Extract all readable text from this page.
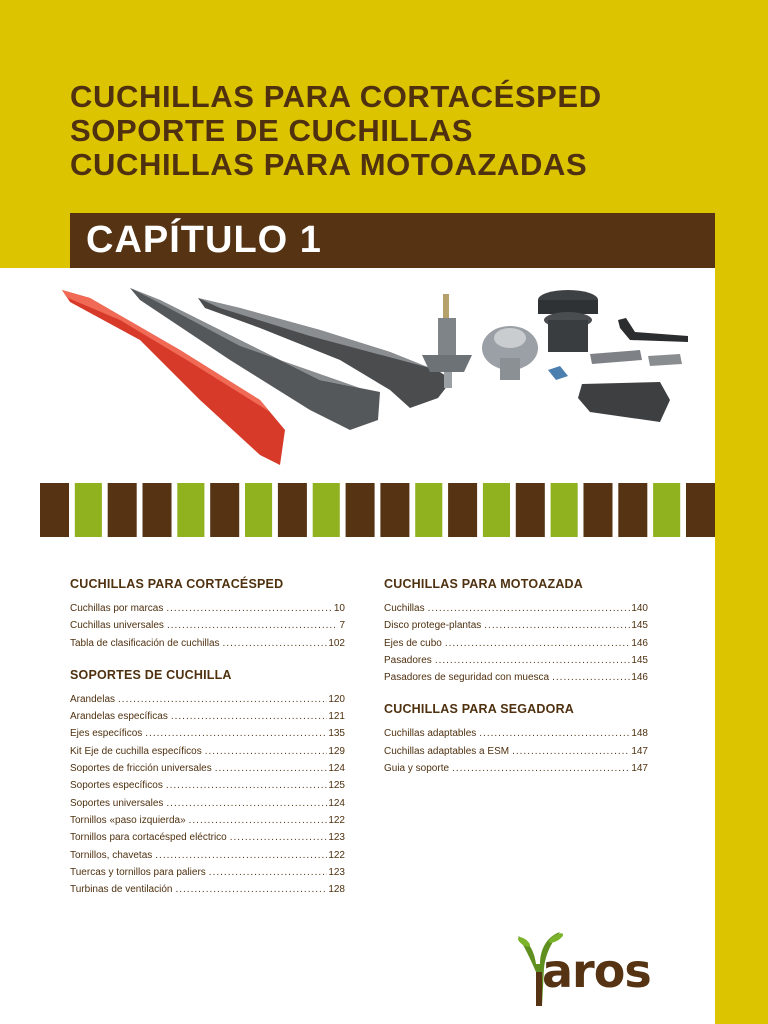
CUCHILLAS PARA CORTACÉSPED
SOPORTE DE CUCHILLAS
CUCHILLAS PARA MOTOAZADAS
CAPÍTULO 1
CUCHILLAS PARA CORTACÉSPED
Cuchillas por marcas .....	10
Cuchillas universales .....	7
Tabla de clasificación de cuchillas .....	102
SOPORTES DE CUCHILLA
Arandelas .....	120
Arandelas específicas .....	121
Ejes específicos .....	135
Kit Eje de cuchilla específicos .....	129
Soportes de fricción universales .....	124
Soportes específicos .....	125
Soportes universales .....	124
Tornillos «paso izquierda» .....	122
Tornillos para cortacésped eléctrico .....	123
Tornillos, chavetas .....	122
Tuercas y tornillos para paliers .....	123
Turbinas de ventilación .....	128
CUCHILLAS PARA MOTOAZADA
Cuchillas .....	140
Disco protege-plantas .....	145
Ejes de cubo .....	146
Pasadores .....	145
Pasadores de seguridad con muesca .....	146
CUCHILLAS PARA SEGADORA
Cuchillas adaptables .....	148
Cuchillas adaptables a ESM .....	147
Guia y soporte .....	147
aros
